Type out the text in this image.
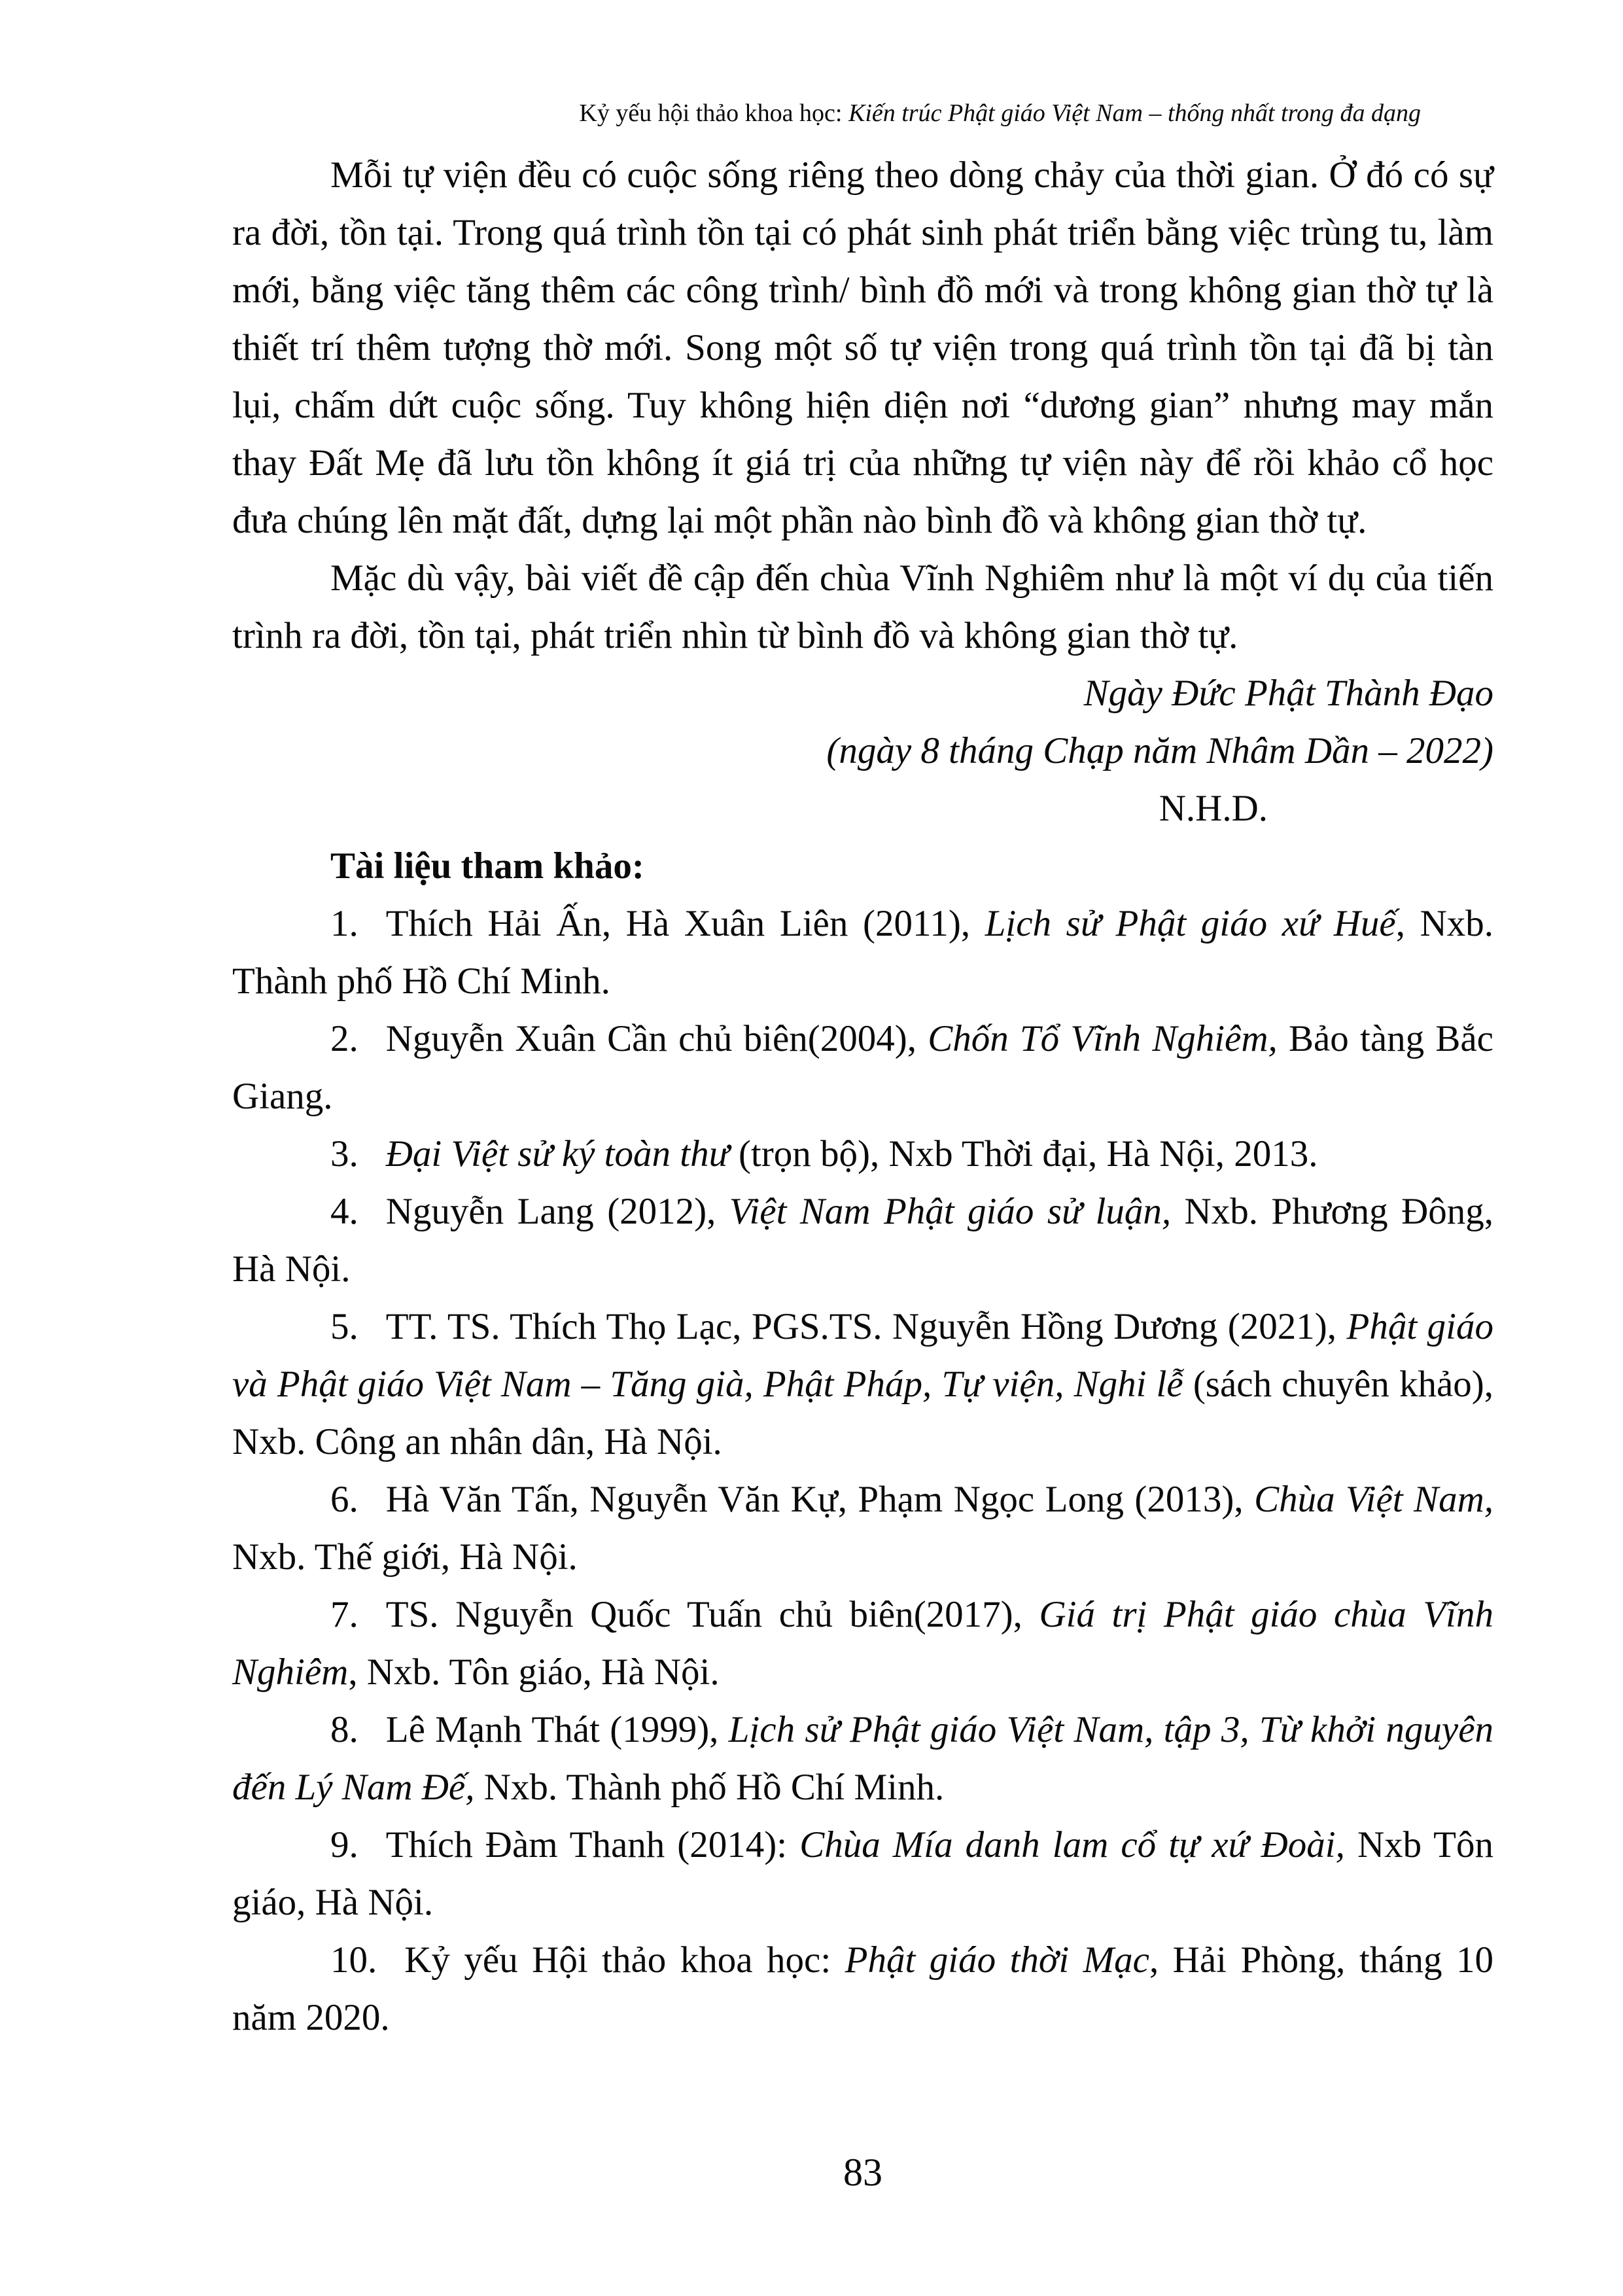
Kỷ yếu hội thảo khoa học: Kiến trúc Phật giáo Việt Nam – thống nhất trong đa dạng

Mỗi tự viện đều có cuộc sống riêng theo dòng chảy của thời gian. Ở đó có sự ra đời, tồn tại. Trong quá trình tồn tại có phát sinh phát triển bằng việc trùng tu, làm mới, bằng việc tăng thêm các công trình/ bình đồ mới và trong không gian thờ tự là thiết trí thêm tượng thờ mới. Song một số tự viện trong quá trình tồn tại đã bị tàn lụi, chấm dứt cuộc sống. Tuy không hiện diện nơi “dương gian” nhưng may mắn thay Đất Mẹ đã lưu tồn không ít giá trị của những tự viện này để rồi khảo cổ học đưa chúng lên mặt đất, dựng lại một phần nào bình đồ và không gian thờ tự.

Mặc dù vậy, bài viết đề cập đến chùa Vĩnh Nghiêm như là một ví dụ của tiến trình ra đời, tồn tại, phát triển nhìn từ bình đồ và không gian thờ tự.

Ngày Đức Phật Thành Đạo

(ngày 8 tháng Chạp năm Nhâm Dần – 2022)

N.H.D.

Tài liệu tham khảo:

1. Thích Hải Ấn, Hà Xuân Liên (2011), Lịch sử Phật giáo xứ Huế, Nxb. Thành phố Hồ Chí Minh.

2. Nguyễn Xuân Cần chủ biên(2004), Chốn Tổ Vĩnh Nghiêm, Bảo tàng Bắc Giang.

3. Đại Việt sử ký toàn thư (trọn bộ), Nxb Thời đại, Hà Nội, 2013.

4. Nguyễn Lang (2012), Việt Nam Phật giáo sử luận, Nxb. Phương Đông, Hà Nội.

5. TT. TS. Thích Thọ Lạc, PGS.TS. Nguyễn Hồng Dương (2021), Phật giáo và Phật giáo Việt Nam – Tăng già, Phật Pháp, Tự viện, Nghi lễ (sách chuyên khảo), Nxb. Công an nhân dân, Hà Nội.

6. Hà Văn Tấn, Nguyễn Văn Kự, Phạm Ngọc Long (2013), Chùa Việt Nam, Nxb. Thế giới, Hà Nội.

7. TS. Nguyễn Quốc Tuấn chủ biên(2017), Giá trị Phật giáo chùa Vĩnh Nghiêm, Nxb. Tôn giáo, Hà Nội.

8. Lê Mạnh Thát (1999), Lịch sử Phật giáo Việt Nam, tập 3, Từ khởi nguyên đến Lý Nam Đế, Nxb. Thành phố Hồ Chí Minh.

9. Thích Đàm Thanh (2014): Chùa Mía danh lam cổ tự xứ Đoài, Nxb Tôn giáo, Hà Nội.

10. Kỷ yếu Hội thảo khoa học: Phật giáo thời Mạc, Hải Phòng, tháng 10 năm 2020.

83
